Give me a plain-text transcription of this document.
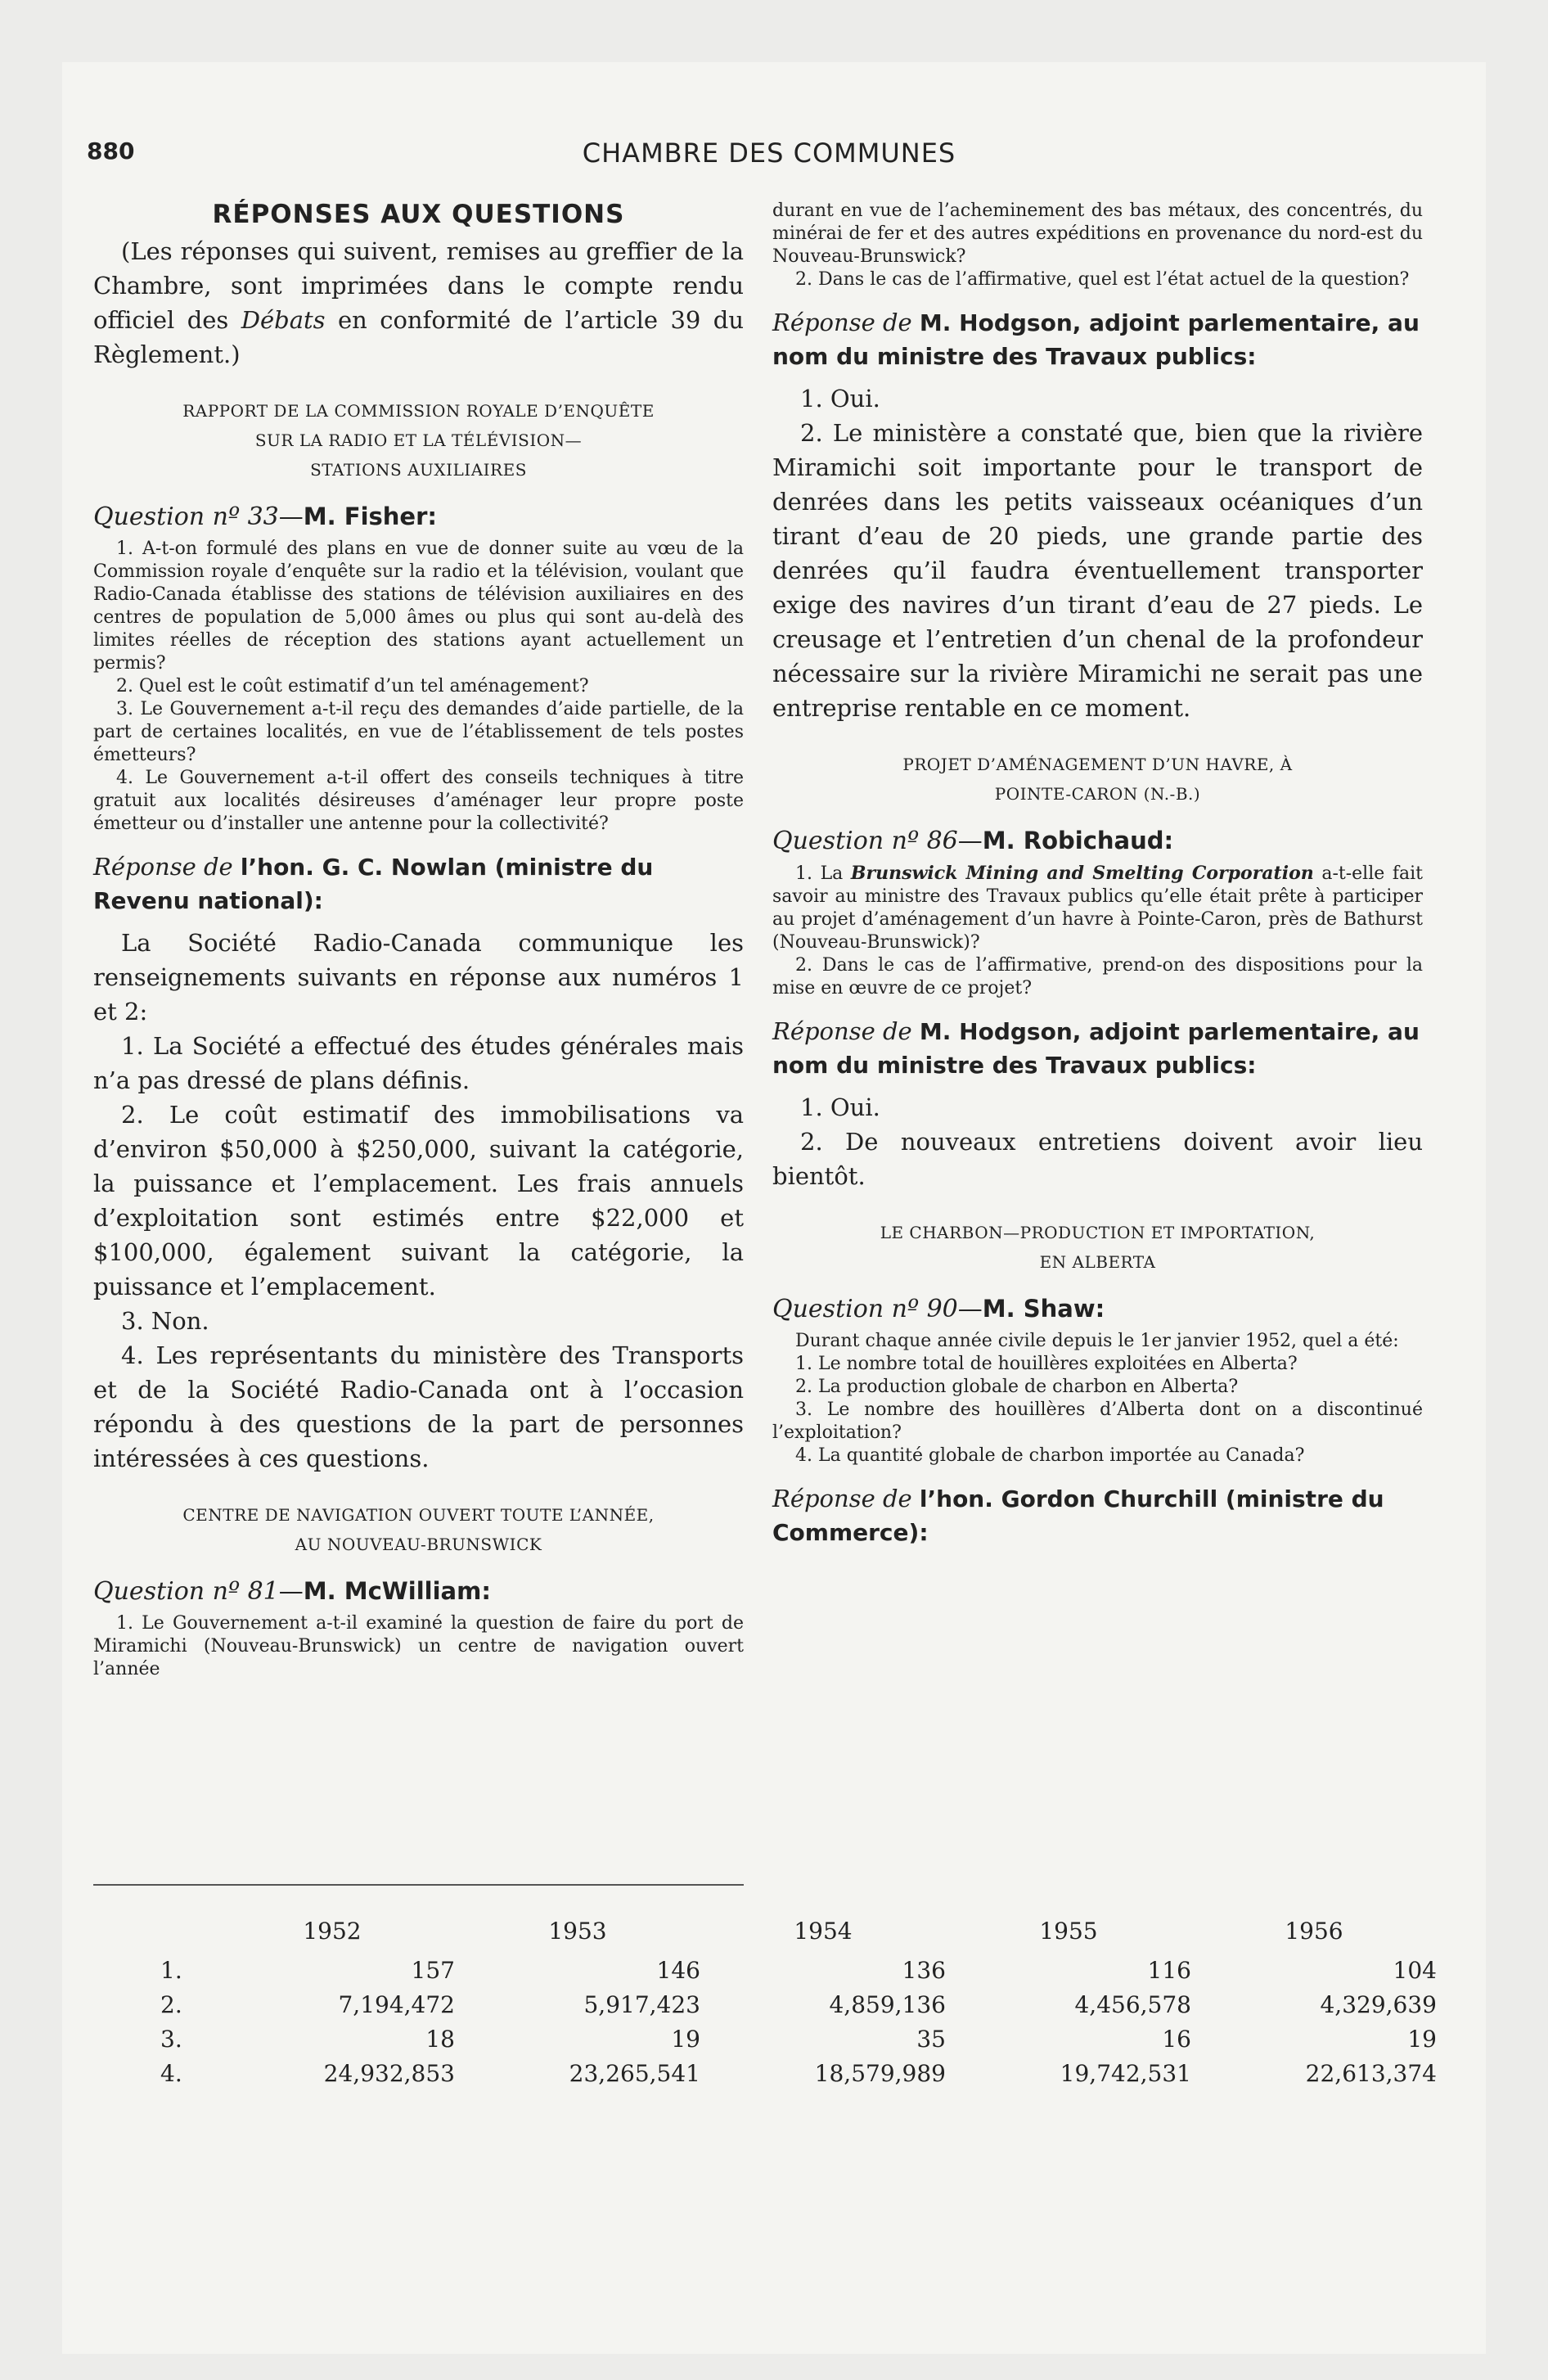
880	CHAMBRE DES COMMUNES
RÉPONSES AUX QUESTIONS

(Les réponses qui suivent, remises au greffier de la Chambre, sont imprimées dans le compte rendu officiel des Débats en conformité de l’article 39 du Règlement.)

RAPPORT DE LA COMMISSION ROYALE D’ENQUÊTE
SUR LA RADIO ET LA TÉLÉVISION—
STATIONS AUXILIAIRES

Question nº 33—M. Fisher:

1. A-t-on formulé des plans en vue de donner suite au vœu de la Commission royale d’enquête sur la radio et la télévision, voulant que Radio-Canada établisse des stations de télévision auxiliaires en des centres de population de 5,000 âmes ou plus qui sont au-delà des limites réelles de réception des stations ayant actuellement un permis?

2. Quel est le coût estimatif d’un tel aménagement?

3. Le Gouvernement a-t-il reçu des demandes d’aide partielle, de la part de certaines localités, en vue de l’établissement de tels postes émetteurs?

4. Le Gouvernement a-t-il offert des conseils techniques à titre gratuit aux localités désireuses d’aménager leur propre poste émetteur ou d’installer une antenne pour la collectivité?

Réponse de l’hon. G. C. Nowlan (ministre du Revenu national):

La Société Radio-Canada communique les renseignements suivants en réponse aux numéros 1 et 2:

1. La Société a effectué des études générales mais n’a pas dressé de plans définis.

2. Le coût estimatif des immobilisations va d’environ $50,000 à $250,000, suivant la catégorie, la puissance et l’emplacement. Les frais annuels d’exploitation sont estimés entre $22,000 et $100,000, également suivant la catégorie, la puissance et l’emplacement.

3. Non.

4. Les représentants du ministère des Transports et de la Société Radio-Canada ont à l’occasion répondu à des questions de la part de personnes intéressées à ces questions.

CENTRE DE NAVIGATION OUVERT TOUTE L’ANNÉE,
AU NOUVEAU-BRUNSWICK

Question nº 81—M. McWilliam:

1. Le Gouvernement a-t-il examiné la question de faire du port de Miramichi (Nouveau-Brunswick) un centre de navigation ouvert l’année

durant en vue de l’acheminement des bas métaux, des concentrés, du minérai de fer et des autres expéditions en provenance du nord-est du Nouveau-Brunswick?

2. Dans le cas de l’affirmative, quel est l’état actuel de la question?

Réponse de M. Hodgson, adjoint parlementaire, au nom du ministre des Travaux publics:

1. Oui.

2. Le ministère a constaté que, bien que la rivière Miramichi soit importante pour le transport de denrées dans les petits vaisseaux océaniques d’un tirant d’eau de 20 pieds, une grande partie des denrées qu’il faudra éventuellement transporter exige des navires d’un tirant d’eau de 27 pieds. Le creusage et l’entretien d’un chenal de la profondeur nécessaire sur la rivière Miramichi ne serait pas une entreprise rentable en ce moment.

PROJET D’AMÉNAGEMENT D’UN HAVRE, À
POINTE-CARON (N.-B.)

Question nº 86—M. Robichaud:

1. La Brunswick Mining and Smelting Corporation a-t-elle fait savoir au ministre des Travaux publics qu’elle était prête à participer au projet d’aménagement d’un havre à Pointe-Caron, près de Bathurst (Nouveau-Brunswick)?

2. Dans le cas de l’affirmative, prend-on des dispositions pour la mise en œuvre de ce projet?

Réponse de M. Hodgson, adjoint parlementaire, au nom du ministre des Travaux publics:

1. Oui.

2. De nouveaux entretiens doivent avoir lieu bientôt.

LE CHARBON—PRODUCTION ET IMPORTATION,
EN ALBERTA

Question nº 90—M. Shaw:

Durant chaque année civile depuis le 1er janvier 1952, quel a été:

1. Le nombre total de houillères exploitées en Alberta?

2. La production globale de charbon en Alberta?

3. Le nombre des houillères d’Alberta dont on a discontinué l’exploitation?

4. La quantité globale de charbon importée au Canada?

Réponse de l’hon. Gordon Churchill (ministre du Commerce):

	1952	1953	1954	1955	1956
1.	157	146	136	116	104
2.	7,194,472	5,917,423	4,859,136	4,456,578	4,329,639
3.	18	19	35	16	19
4.	24,932,853	23,265,541	18,579,989	19,742,531	22,613,374
